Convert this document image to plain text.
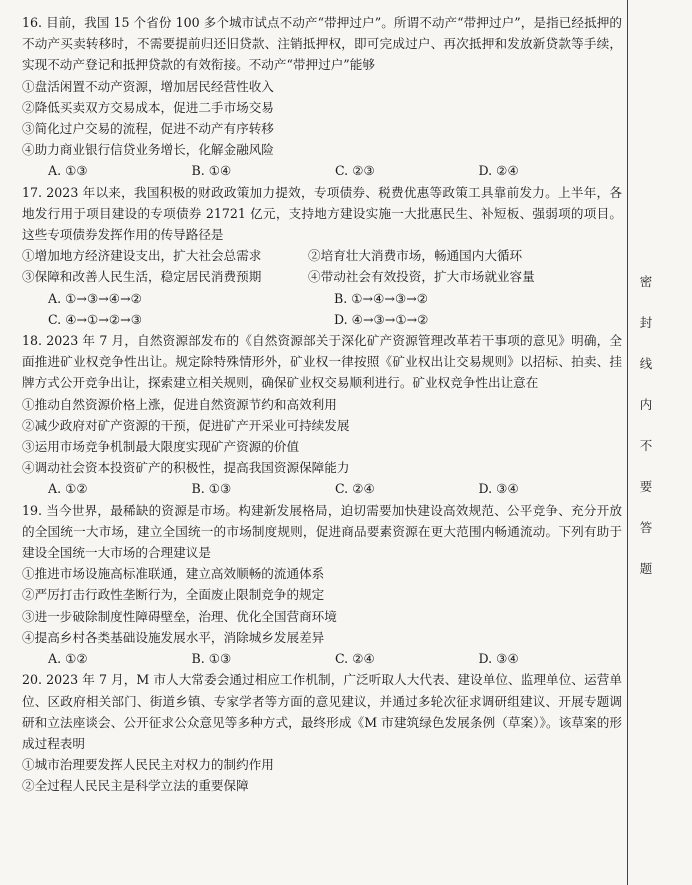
16. 目前，我国 15 个省份 100 多个城市试点不动产“带押过户”。所谓不动产“带押过户”，是指已经抵押的不动产买卖转移时，不需要提前归还旧贷款、注销抵押权，即可完成过户、再次抵押和发放新贷款等手续，实现不动产登记和抵押贷款的有效衔接。不动产“带押过户”能够

①盘活闲置不动产资源，增加居民经营性收入

②降低买卖双方交易成本，促进二手市场交易

③简化过户交易的流程，促进不动产有序转移

④助力商业银行信贷业务增长，化解金融风险

A. ①③	B. ①④	C. ②③	D. ②④

17. 2023 年以来，我国积极的财政政策加力提效，专项债券、税费优惠等政策工具靠前发力。上半年，各地发行用于项目建设的专项债券 21721 亿元，支持地方建设实施一大批惠民生、补短板、强弱项的项目。这些专项债券发挥作用的传导路径是

①增加地方经济建设支出，扩大社会总需求	②培育壮大消费市场，畅通国内大循环
③保障和改善人民生活，稳定居民消费预期	④带动社会有效投资，扩大市场就业容量
A. ①→③→④→②	B. ①→④→③→②
C. ④→①→②→③	D. ④→③→①→②

18. 2023 年 7 月，自然资源部发布的《自然资源部关于深化矿产资源管理改革若干事项的意见》明确，全面推进矿业权竞争性出让。规定除特殊情形外，矿业权一律按照《矿业权出让交易规则》以招标、拍卖、挂牌方式公开竞争出让，探索建立相关规则，确保矿业权交易顺利进行。矿业权竞争性出让意在

①推动自然资源价格上涨，促进自然资源节约和高效利用

②减少政府对矿产资源的干预，促进矿产开采业可持续发展

③运用市场竞争机制最大限度实现矿产资源的价值

④调动社会资本投资矿产的积极性，提高我国资源保障能力

A. ①②	B. ①③	C. ②④	D. ③④

19. 当今世界，最稀缺的资源是市场。构建新发展格局，迫切需要加快建设高效规范、公平竞争、充分开放的全国统一大市场，建立全国统一的市场制度规则，促进商品要素资源在更大范围内畅通流动。下列有助于建设全国统一大市场的合理建议是

①推进市场设施高标准联通，建立高效顺畅的流通体系

②严厉打击行政性垄断行为，全面废止限制竞争的规定

③进一步破除制度性障碍壁垒，治理、优化全国营商环境

④提高乡村各类基础设施发展水平，消除城乡发展差异

A. ①②	B. ①③	C. ②④	D. ③④

20. 2023 年 7 月，M 市人大常委会通过相应工作机制，广泛听取人大代表、建设单位、监理单位、运营单位、区政府相关部门、街道乡镇、专家学者等方面的意见建议，并通过多轮次征求调研组建议、开展专题调研和立法座谈会、公开征求公众意见等多种方式，最终形成《M 市建筑绿色发展条例（草案）》。该草案的形成过程表明

①城市治理要发挥人民民主对权力的制约作用

②全过程人民民主是科学立法的重要保障

密
封
线
内
不
要
答
题
